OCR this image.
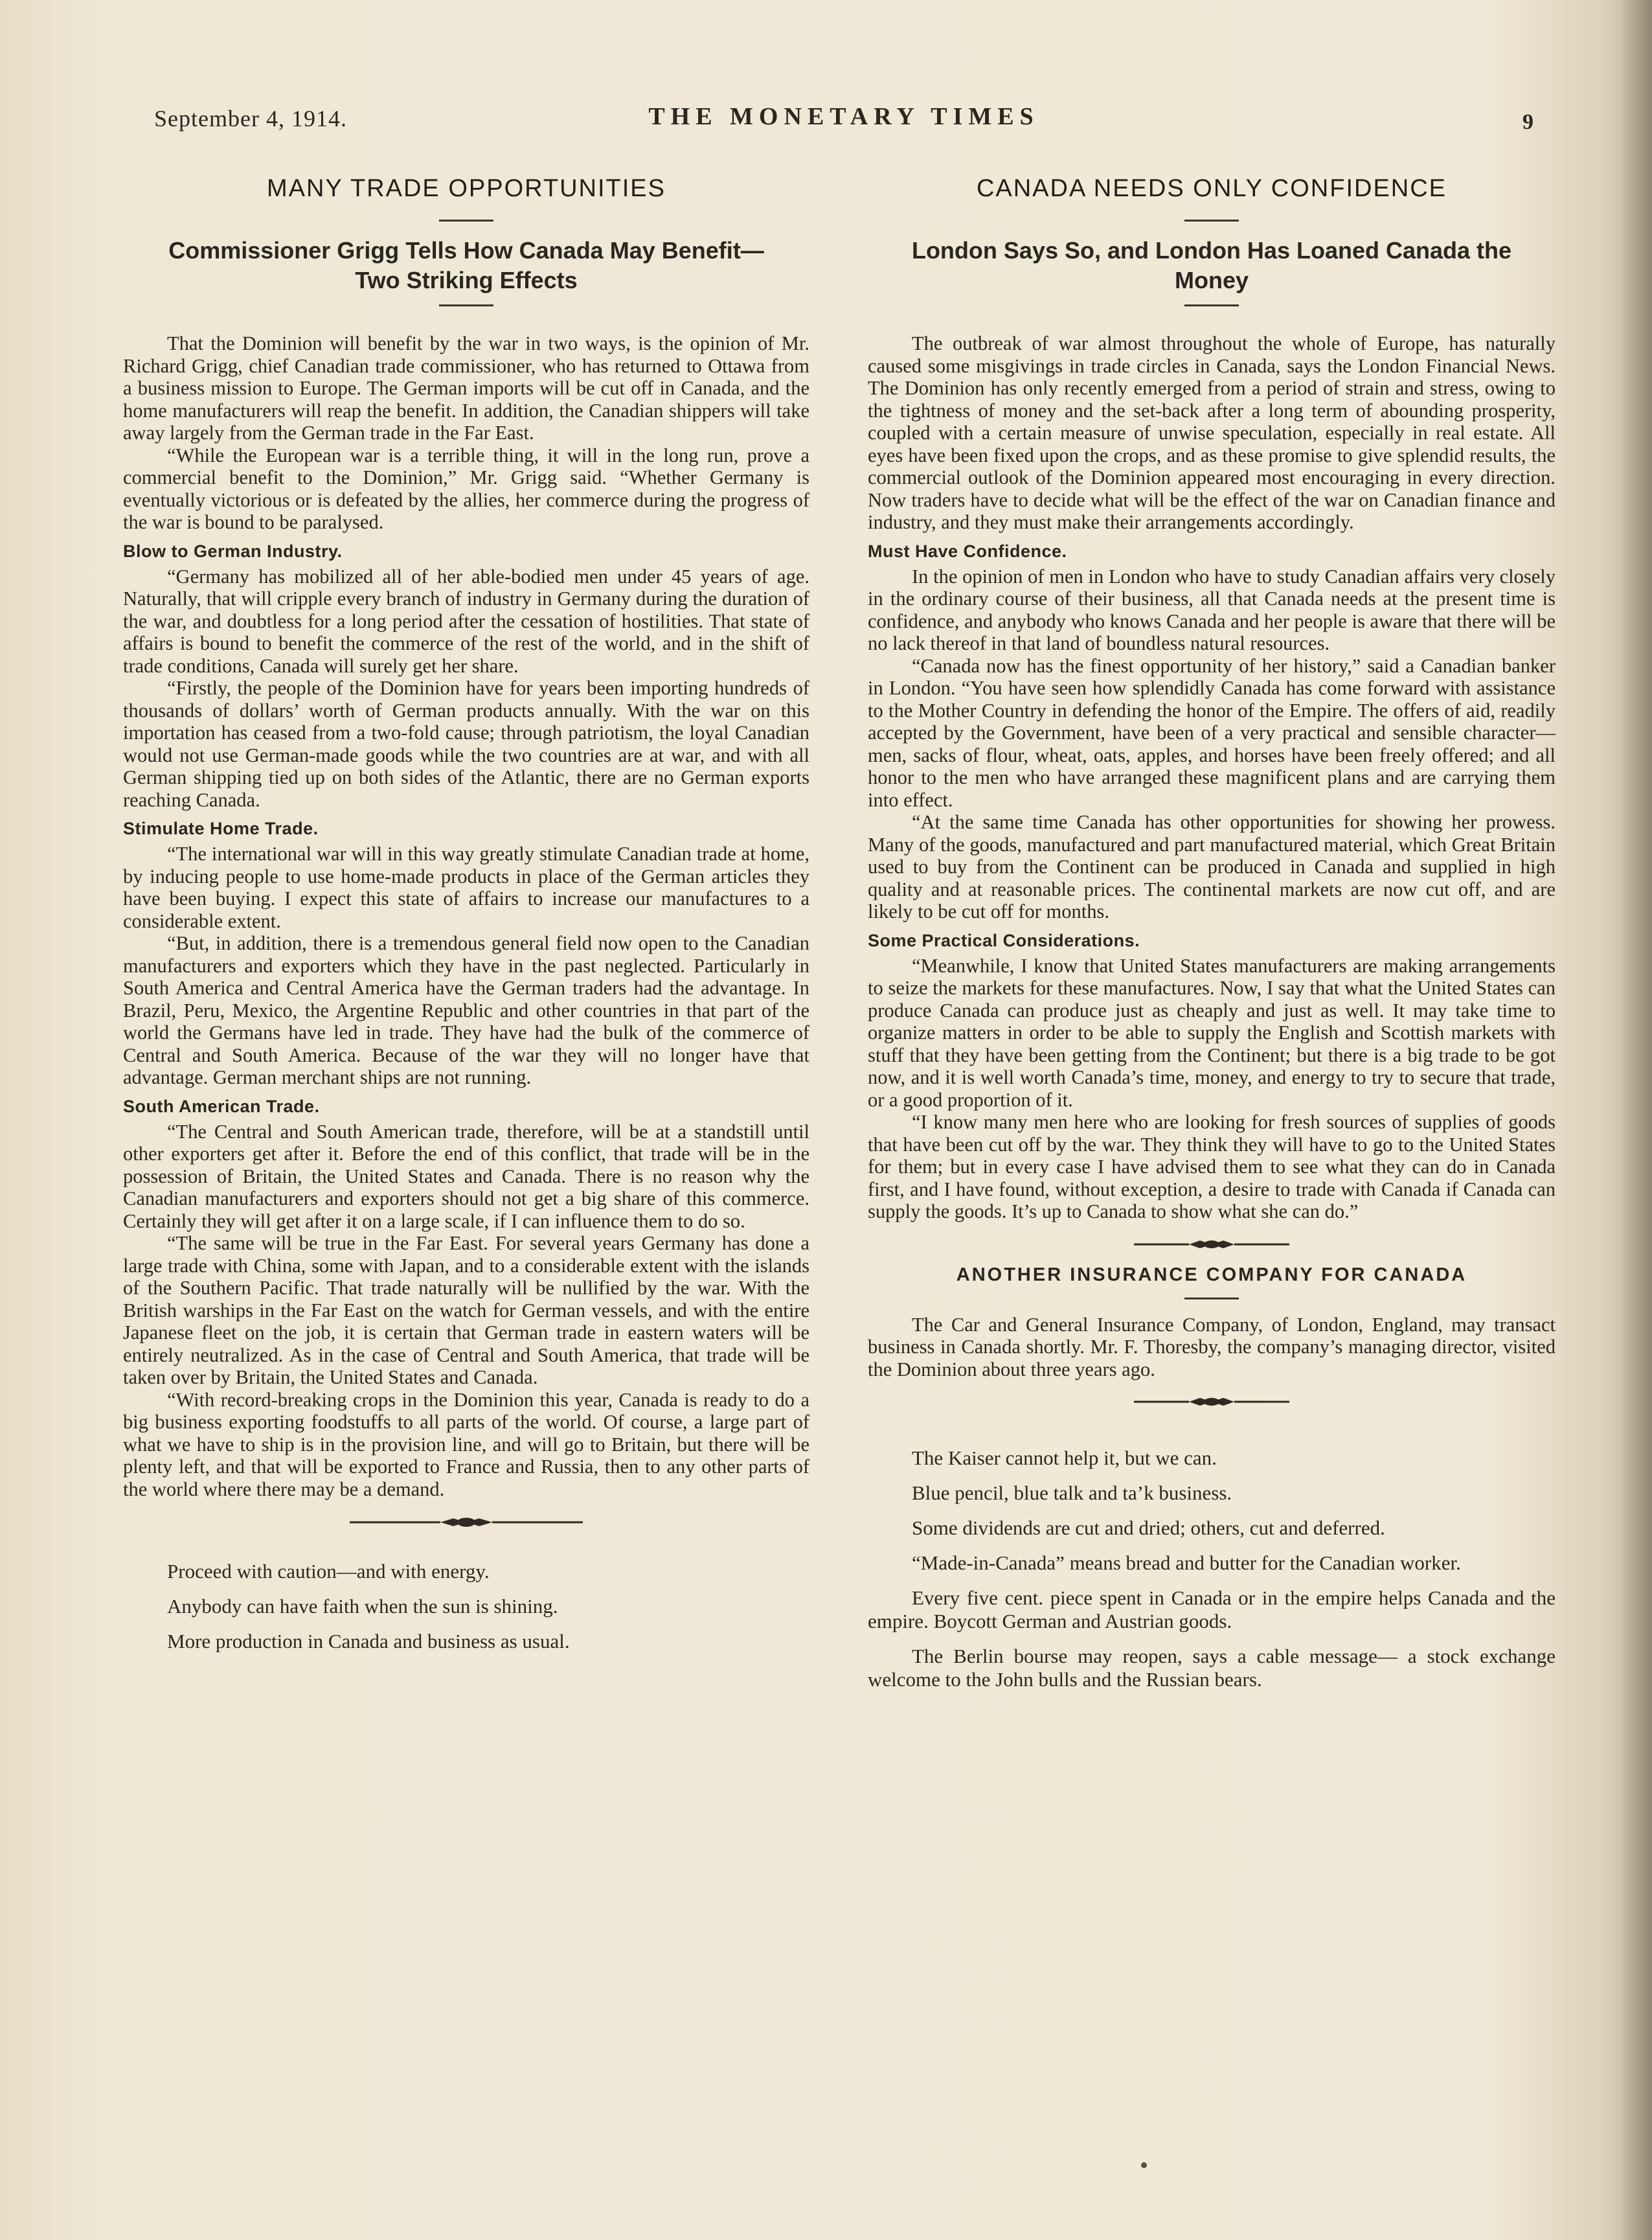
September 4, 1914.	THE MONETARY TIMES	9
MANY TRADE OPPORTUNITIES
Commissioner Grigg Tells How Canada May Benefit— Two Striking Effects

That the Dominion will benefit by the war in two ways, is the opinion of Mr. Richard Grigg, chief Canadian trade commissioner, who has returned to Ottawa from a business mission to Europe. The German imports will be cut off in Canada, and the home manufacturers will reap the benefit. In addition, the Canadian shippers will take away largely from the German trade in the Far East.

“While the European war is a terrible thing, it will in the long run, prove a commercial benefit to the Dominion,” Mr. Grigg said. “Whether Germany is eventually victorious or is defeated by the allies, her commerce during the progress of the war is bound to be paralysed.

Blow to German Industry.

“Germany has mobilized all of her able-bodied men under 45 years of age. Naturally, that will cripple every branch of industry in Germany during the duration of the war, and doubtless for a long period after the cessation of hostilities. That state of affairs is bound to benefit the commerce of the rest of the world, and in the shift of trade conditions, Canada will surely get her share.

“Firstly, the people of the Dominion have for years been importing hundreds of thousands of dollars’ worth of German products annually. With the war on this importation has ceased from a two-fold cause; through patriotism, the loyal Canadian would not use German-made goods while the two countries are at war, and with all German shipping tied up on both sides of the Atlantic, there are no German exports reaching Canada.

Stimulate Home Trade.

“The international war will in this way greatly stimulate Canadian trade at home, by inducing people to use home-made products in place of the German articles they have been buying. I expect this state of affairs to increase our manufactures to a considerable extent.

“But, in addition, there is a tremendous general field now open to the Canadian manufacturers and exporters which they have in the past neglected. Particularly in South America and Central America have the German traders had the advantage. In Brazil, Peru, Mexico, the Argentine Republic and other countries in that part of the world the Germans have led in trade. They have had the bulk of the commerce of Central and South America. Because of the war they will no longer have that advantage. German merchant ships are not running.

South American Trade.

“The Central and South American trade, therefore, will be at a standstill until other exporters get after it. Before the end of this conflict, that trade will be in the possession of Britain, the United States and Canada. There is no reason why the Canadian manufacturers and exporters should not get a big share of this commerce. Certainly they will get after it on a large scale, if I can influence them to do so.

“The same will be true in the Far East. For several years Germany has done a large trade with China, some with Japan, and to a considerable extent with the islands of the Southern Pacific. That trade naturally will be nullified by the war. With the British warships in the Far East on the watch for German vessels, and with the entire Japanese fleet on the job, it is certain that German trade in eastern waters will be entirely neutralized. As in the case of Central and South America, that trade will be taken over by Britain, the United States and Canada.

“With record-breaking crops in the Dominion this year, Canada is ready to do a big business exporting foodstuffs to all parts of the world. Of course, a large part of what we have to ship is in the provision line, and will go to Britain, but there will be plenty left, and that will be exported to France and Russia, then to any other parts of the world where there may be a demand.

Proceed with caution—and with energy.

Anybody can have faith when the sun is shining.

More production in Canada and business as usual.

CANADA NEEDS ONLY CONFIDENCE
London Says So, and London Has Loaned Canada the Money

The outbreak of war almost throughout the whole of Europe, has naturally caused some misgivings in trade circles in Canada, says the London Financial News. The Dominion has only recently emerged from a period of strain and stress, owing to the tightness of money and the set-back after a long term of abounding prosperity, coupled with a certain measure of unwise speculation, especially in real estate. All eyes have been fixed upon the crops, and as these promise to give splendid results, the commercial outlook of the Dominion appeared most encouraging in every direction. Now traders have to decide what will be the effect of the war on Canadian finance and industry, and they must make their arrangements accordingly.

Must Have Confidence.

In the opinion of men in London who have to study Canadian affairs very closely in the ordinary course of their business, all that Canada needs at the present time is confidence, and anybody who knows Canada and her people is aware that there will be no lack thereof in that land of boundless natural resources.

“Canada now has the finest opportunity of her history,” said a Canadian banker in London. “You have seen how splendidly Canada has come forward with assistance to the Mother Country in defending the honor of the Empire. The offers of aid, readily accepted by the Government, have been of a very practical and sensible character—men, sacks of flour, wheat, oats, apples, and horses have been freely offered; and all honor to the men who have arranged these magnificent plans and are carrying them into effect.

“At the same time Canada has other opportunities for showing her prowess. Many of the goods, manufactured and part manufactured material, which Great Britain used to buy from the Continent can be produced in Canada and supplied in high quality and at reasonable prices. The continental markets are now cut off, and are likely to be cut off for months.

Some Practical Considerations.

“Meanwhile, I know that United States manufacturers are making arrangements to seize the markets for these manufactures. Now, I say that what the United States can produce Canada can produce just as cheaply and just as well. It may take time to organize matters in order to be able to supply the English and Scottish markets with stuff that they have been getting from the Continent; but there is a big trade to be got now, and it is well worth Canada’s time, money, and energy to try to secure that trade, or a good proportion of it.

“I know many men here who are looking for fresh sources of supplies of goods that have been cut off by the war. They think they will have to go to the United States for them; but in every case I have advised them to see what they can do in Canada first, and I have found, without exception, a desire to trade with Canada if Canada can supply the goods. It’s up to Canada to show what she can do.”

ANOTHER INSURANCE COMPANY FOR CANADA

The Car and General Insurance Company, of London, England, may transact business in Canada shortly. Mr. F. Thoresby, the company’s managing director, visited the Dominion about three years ago.

The Kaiser cannot help it, but we can.

Blue pencil, blue talk and ta’k business.

Some dividends are cut and dried; others, cut and deferred.

“Made-in-Canada” means bread and butter for the Canadian worker.

Every five cent. piece spent in Canada or in the empire helps Canada and the empire. Boycott German and Austrian goods.

The Berlin bourse may reopen, says a cable message— a stock exchange welcome to the John bulls and the Russian bears.
